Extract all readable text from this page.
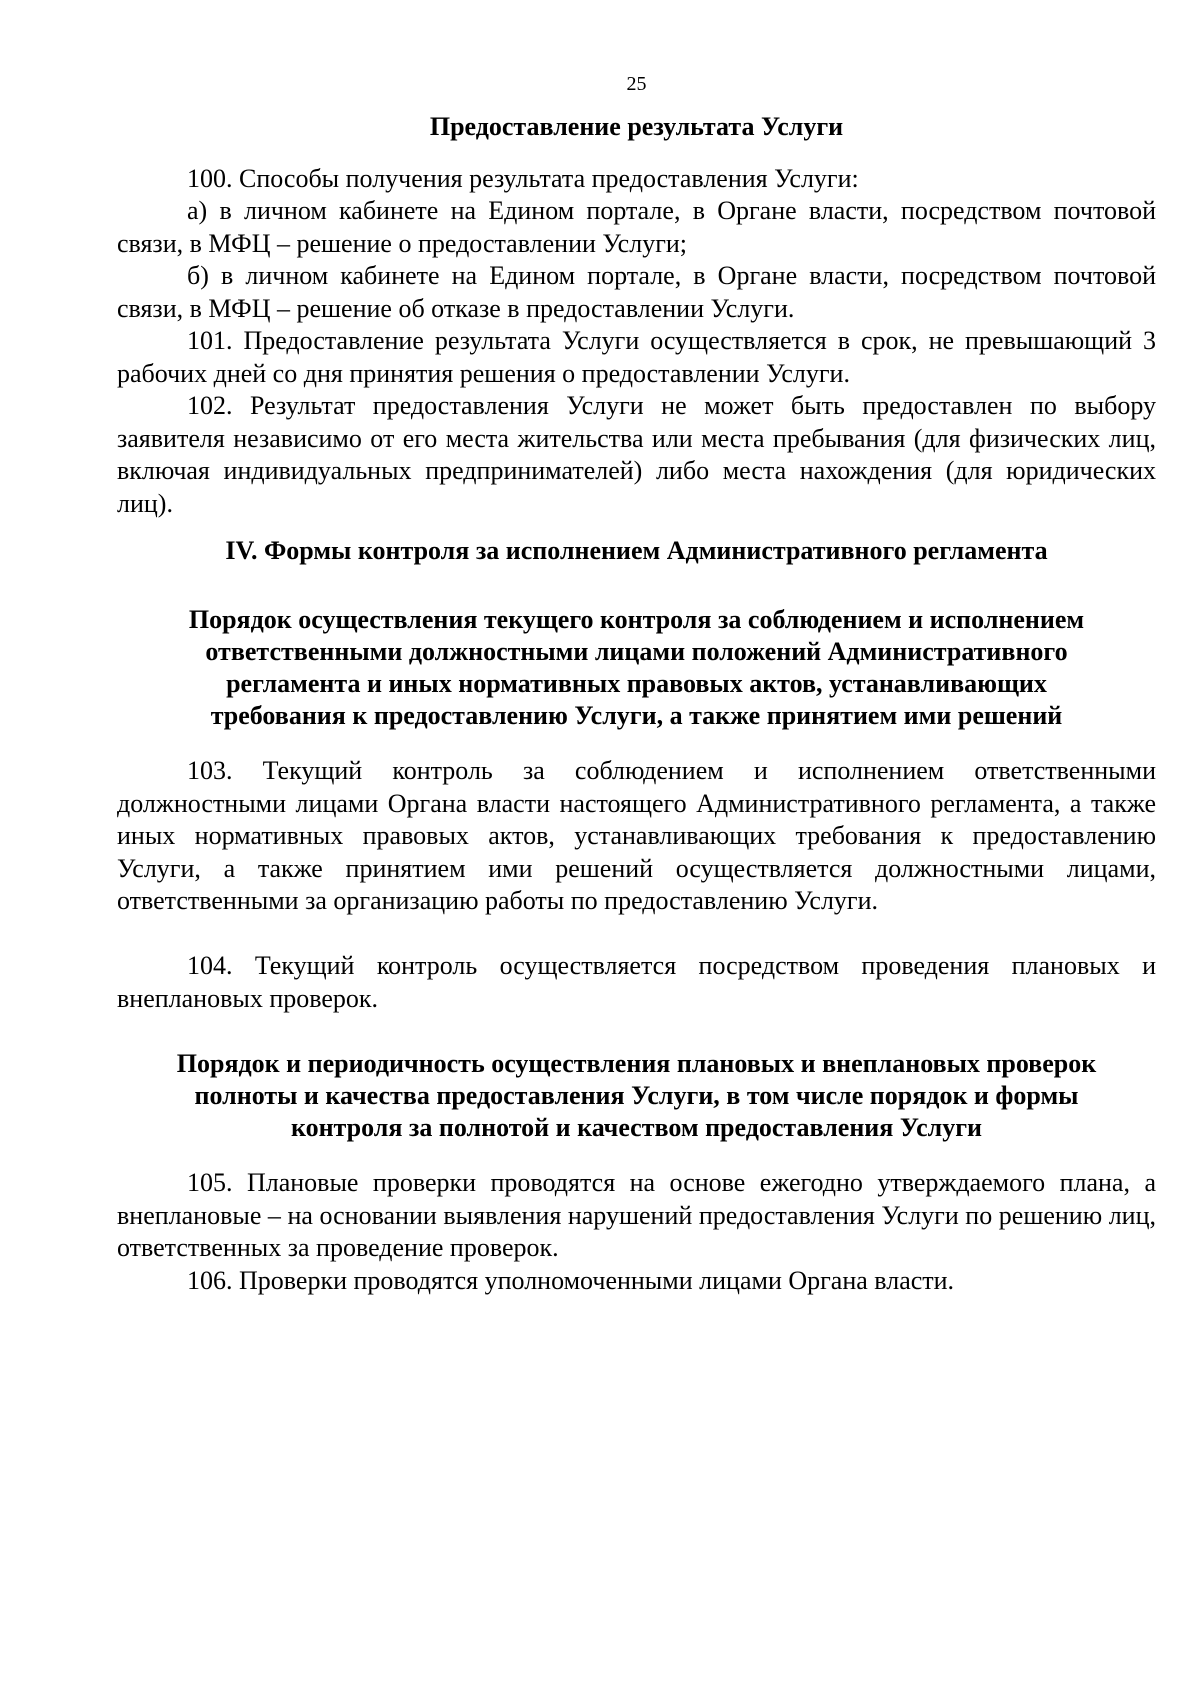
25
Предоставление результата Услуги

100. Способы получения результата предоставления Услуги:

а) в личном кабинете на Едином портале, в Органе власти, посредством почтовой связи, в МФЦ – решение о предоставлении Услуги;

б) в личном кабинете на Едином портале, в Органе власти, посредством почтовой связи, в МФЦ – решение об отказе в предоставлении Услуги.

101. Предоставление результата Услуги осуществляется в срок, не превышающий 3 рабочих дней со дня принятия решения о предоставлении Услуги.

102. Результат предоставления Услуги не может быть предоставлен по выбору заявителя независимо от его места жительства или места пребывания (для физических лиц, включая индивидуальных предпринимателей) либо места нахождения (для юридических лиц).

IV. Формы контроля за исполнением Административного регламента
Порядок осуществления текущего контроля за соблюдением и исполнением
ответственными должностными лицами положений Административного
регламента и иных нормативных правовых актов, устанавливающих
требования к предоставлению Услуги, а также принятием ими решений

103. Текущий контроль за соблюдением и исполнением ответственными должностными лицами Органа власти настоящего Административного регламента, а также иных нормативных правовых актов, устанавливающих требования к предоставлению Услуги, а также принятием ими решений осуществляется должностными лицами, ответственными за организацию работы по предоставлению Услуги.

104. Текущий контроль осуществляется посредством проведения плановых и внеплановых проверок.

Порядок и периодичность осуществления плановых и внеплановых проверок
полноты и качества предоставления Услуги, в том числе порядок и формы
контроля за полнотой и качеством предоставления Услуги

105. Плановые проверки проводятся на основе ежегодно утверждаемого плана, а внеплановые – на основании выявления нарушений предоставления Услуги по решению лиц, ответственных за проведение проверок.

106. Проверки проводятся уполномоченными лицами Органа власти.
